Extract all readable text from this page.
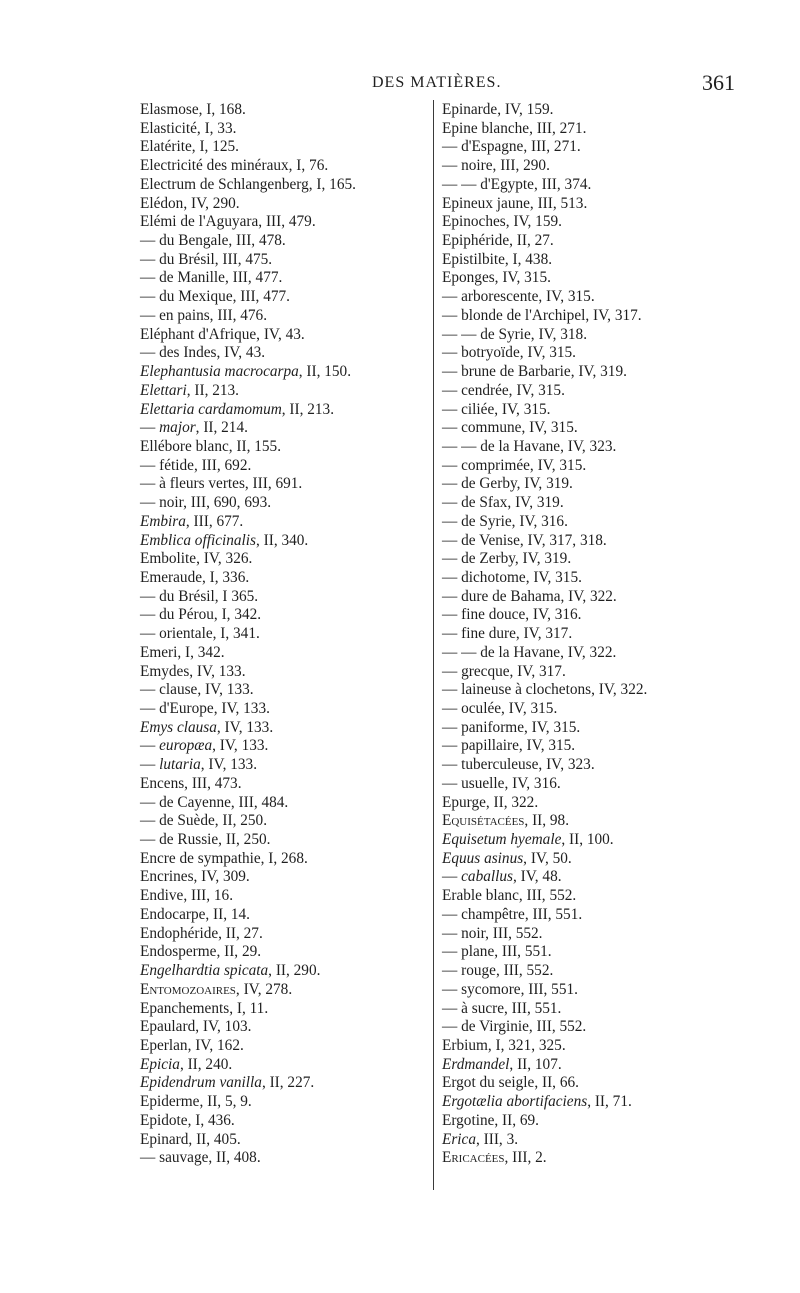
DES MATIÈRES.	361
Elasmose, I, 168.
Elasticité, I, 33.
Elatérite, I, 125.
Electricité des minéraux, I, 76.
Electrum de Schlangenberg, I, 165.
Elédon, IV, 290.
Elémi de l'Aguyara, III, 479.
— du Bengale, III, 478.
— du Brésil, III, 475.
— de Manille, III, 477.
— du Mexique, III, 477.
— en pains, III, 476.
Eléphant d'Afrique, IV, 43.
— des Indes, IV, 43.
Elephantusia macrocarpa, II, 150.
Elettari, II, 213.
Elettaria cardamomum, II, 213.
— major, II, 214.
Ellébore blanc, II, 155.
— fétide, III, 692.
— à fleurs vertes, III, 691.
— noir, III, 690, 693.
Embira, III, 677.
Emblica officinalis, II, 340.
Embolite, IV, 326.
Emeraude, I, 336.
— du Brésil, I 365.
— du Pérou, I, 342.
— orientale, I, 341.
Emeri, I, 342.
Emydes, IV, 133.
— clause, IV, 133.
— d'Europe, IV, 133.
Emys clausa, IV, 133.
— europæa, IV, 133.
— lutaria, IV, 133.
Encens, III, 473.
— de Cayenne, III, 484.
— de Suède, II, 250.
— de Russie, II, 250.
Encre de sympathie, I, 268.
Encrines, IV, 309.
Endive, III, 16.
Endocarpe, II, 14.
Endophéride, II, 27.
Endosperme, II, 29.
Engelhardtia spicata, II, 290.
Entomozoaires, IV, 278.
Epanchements, I, 11.
Epaulard, IV, 103.
Eperlan, IV, 162.
Epicia, II, 240.
Epidendrum vanilla, II, 227.
Epiderme, II, 5, 9.
Epidote, I, 436.
Epinard, II, 405.
— sauvage, II, 408.
Epinarde, IV, 159.
Epine blanche, III, 271.
— d'Espagne, III, 271.
— noire, III, 290.
— — d'Egypte, III, 374.
Epineux jaune, III, 513.
Epinoches, IV, 159.
Epiphéride, II, 27.
Epistilbite, I, 438.
Eponges, IV, 315.
— arborescente, IV, 315.
— blonde de l'Archipel, IV, 317.
— — de Syrie, IV, 318.
— botryoïde, IV, 315.
— brune de Barbarie, IV, 319.
— cendrée, IV, 315.
— ciliée, IV, 315.
— commune, IV, 315.
— — de la Havane, IV, 323.
— comprimée, IV, 315.
— de Gerby, IV, 319.
— de Sfax, IV, 319.
— de Syrie, IV, 316.
— de Venise, IV, 317, 318.
— de Zerby, IV, 319.
— dichotome, IV, 315.
— dure de Bahama, IV, 322.
— fine douce, IV, 316.
— fine dure, IV, 317.
— — de la Havane, IV, 322.
— grecque, IV, 317.
— laineuse à clochetons, IV, 322.
— oculée, IV, 315.
— paniforme, IV, 315.
— papillaire, IV, 315.
— tuberculeuse, IV, 323.
— usuelle, IV, 316.
Epurge, II, 322.
Equisétacées, II, 98.
Equisetum hyemale, II, 100.
Equus asinus, IV, 50.
— caballus, IV, 48.
Erable blanc, III, 552.
— champêtre, III, 551.
— noir, III, 552.
— plane, III, 551.
— rouge, III, 552.
— sycomore, III, 551.
— à sucre, III, 551.
— de Virginie, III, 552.
Erbium, I, 321, 325.
Erdmandel, II, 107.
Ergot du seigle, II, 66.
Ergotælia abortifaciens, II, 71.
Ergotine, II, 69.
Erica, III, 3.
Ericacées, III, 2.
